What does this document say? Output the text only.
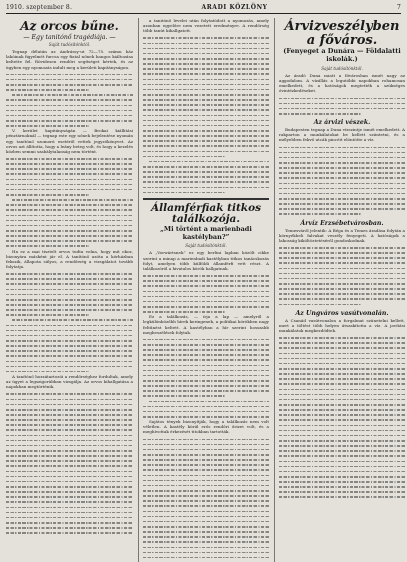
1910. szeptember 8.	ARADI KÖZLÖNY	7
Az orcos bűne.
— Egy tanitónő tragédiája. —
Saját tudósítónktól.

Tegnap délután az Andrássy-ut 72—75. számu ház lakóinak figyelmét furcsa egy fiatal nőnek hangos kiáltozása keltette fel. Rövidesen rendőri segítséget kértek, és az ügyben egy nyomozás indult meg a kerületi kapitányságon.

V. kerület kapitányságán — Brokai kiállitási pénztárnoknál — tegnap este egy nőnek bejelentése nyomán egy tanítónő szomorú esetéről vettek jegyzőkönyvet. Az orvos azt állította, hogy a leány beteg volt, és hogy a kezelés közben semmi szabálytalanság nem történt.

Ha ez a mai tisztelt orvos tudta volna, hogy mit okoz, bizonyára másként jár el. A tanítónő azóta a kórházban fekszik, állapota súlyos, a rendőrség a vizsgálatot tovább folytatja.

A tanítónő hozzátartozói a rendőrséghez fordultak, amely az ügyet a legszigorúbban vizsgálja. Az orvos kihallgatása a napokban megtörténik.

a tanitónő levelei után folytatódott a nyomozás, amely azonban egyelőre nem vezetett eredményre. A rendőrség több tanút kihallgatott.

Államférfiak titkos találkozója.
„Mi történt a marienbadi kastélyban?”
Saját tudósítónktól.

A „Vorwärtsnek” ez egy berlini lapban közölt cikke szerint a minap a marienbadi kastélyban titkos tanácskozás folyt, amelyen több külföldi államférfi vett részt. A találkozóról a hivatalos körök hallgatnak.

Ez a találkozás, — írja a lap — amelyről a legkülönbözőbb hírek keringenek, a politikai körökben nagy feltűnést keltett. A kastélyban a hír szerint hosszabb megbeszélések folytak.

Sajátos tények bizonyítják, hogy a találkozás nem volt véletlen. A kastély körül erős rendőri őrizet volt, és a meghívottak érkezését titokban tartották.

Árvizveszélyben a főváros.
(Fenyeget a Dunára — Földalatti iskolák.)
Saját tudósítónktól.

Az áradó Duna miatt a fővárosban ismét nagy az aggodalom. A vízállás a legutóbbi napokban rohamosan emelkedett, és a hatóságok megtették a szükséges óvintézkedéseket.

Az árvizi vészek.

Budapesten tegnap a Duna vízszintje ismét emelkedett. A rakparton a munkálatokat be kellett szüntetni, és a mélyebben fekvő utcák pincéit elöntötte a víz.

Árvíz Erzsébetvárosban.

Temesváról jelentik: A Béga és a Temes áradása folytán a környékbeli falvakat veszély fenyegeti. A hatóságok a lakosság kiköltöztetéséről gondoskodnak.

Az Ungváros vasútvonalán.

A Csanád vasútvonalon a forgalmat szünetelni kellett, mert a töltést több helyen átszakította a víz. A javítási munkálatok megkezdődtek.
